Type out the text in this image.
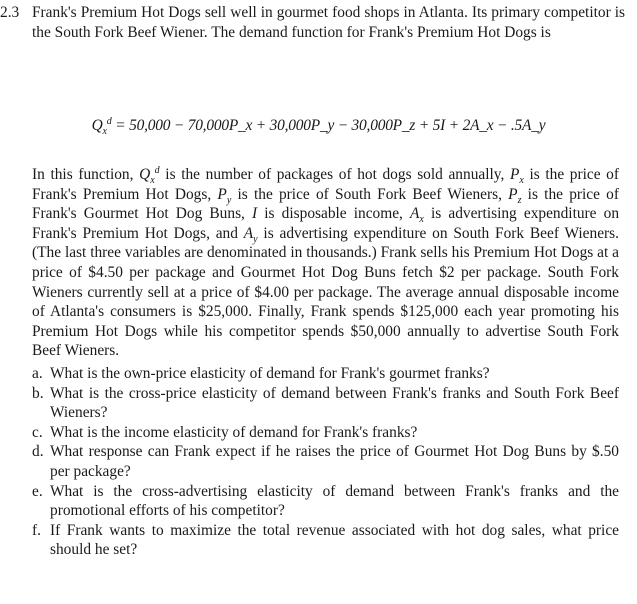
2.3 Frank's Premium Hot Dogs sell well in gourmet food shops in Atlanta. Its primary competitor is the South Fork Beef Wiener. The demand function for Frank's Premium Hot Dogs is
$Q_x^d = 50,000$ − 70,000P_x + 30,000P_y − 30,000P_z + 5I + 2A_x − .5A_y
In this function, $Q_x^d$ is the number of packages of hot dogs sold annually, $P_x$ is the price of Frank's Premium Hot Dogs, $P_y$ is the price of South Fork Beef Wieners, $P_z$ is the price of Frank's Gourmet Hot Dog Buns, I is disposable income, $A_x$ is advertising expenditure on Frank's Premium Hot Dogs, and $A_y$ is advertising expenditure on South Fork Beef Wieners. (The last three variables are denominated in thousands.) Frank sells his Premium Hot Dogs at a price of $4.50 per package and Gourmet Hot Dog Buns fetch $2 per package. South Fork Wieners currently sell at a price of $4.00 per package. The average annual disposable income of Atlanta's consumers is $25,000. Finally, Frank spends $125,000 each year promoting his Premium Hot Dogs while his competitor spends $50,000 annually to advertise South Fork Beef Wieners.
a. What is the own-price elasticity of demand for Frank's gourmet franks?
b. What is the cross-price elasticity of demand between Frank's franks and South Fork Beef Wieners?
c. What is the income elasticity of demand for Frank's franks?
d. What response can Frank expect if he raises the price of Gourmet Hot Dog Buns by $.50 per package?
e. What is the cross-advertising elasticity of demand between Frank's franks and the promotional efforts of his competitor?
f. If Frank wants to maximize the total revenue associated with hot dog sales, what price should he set?
